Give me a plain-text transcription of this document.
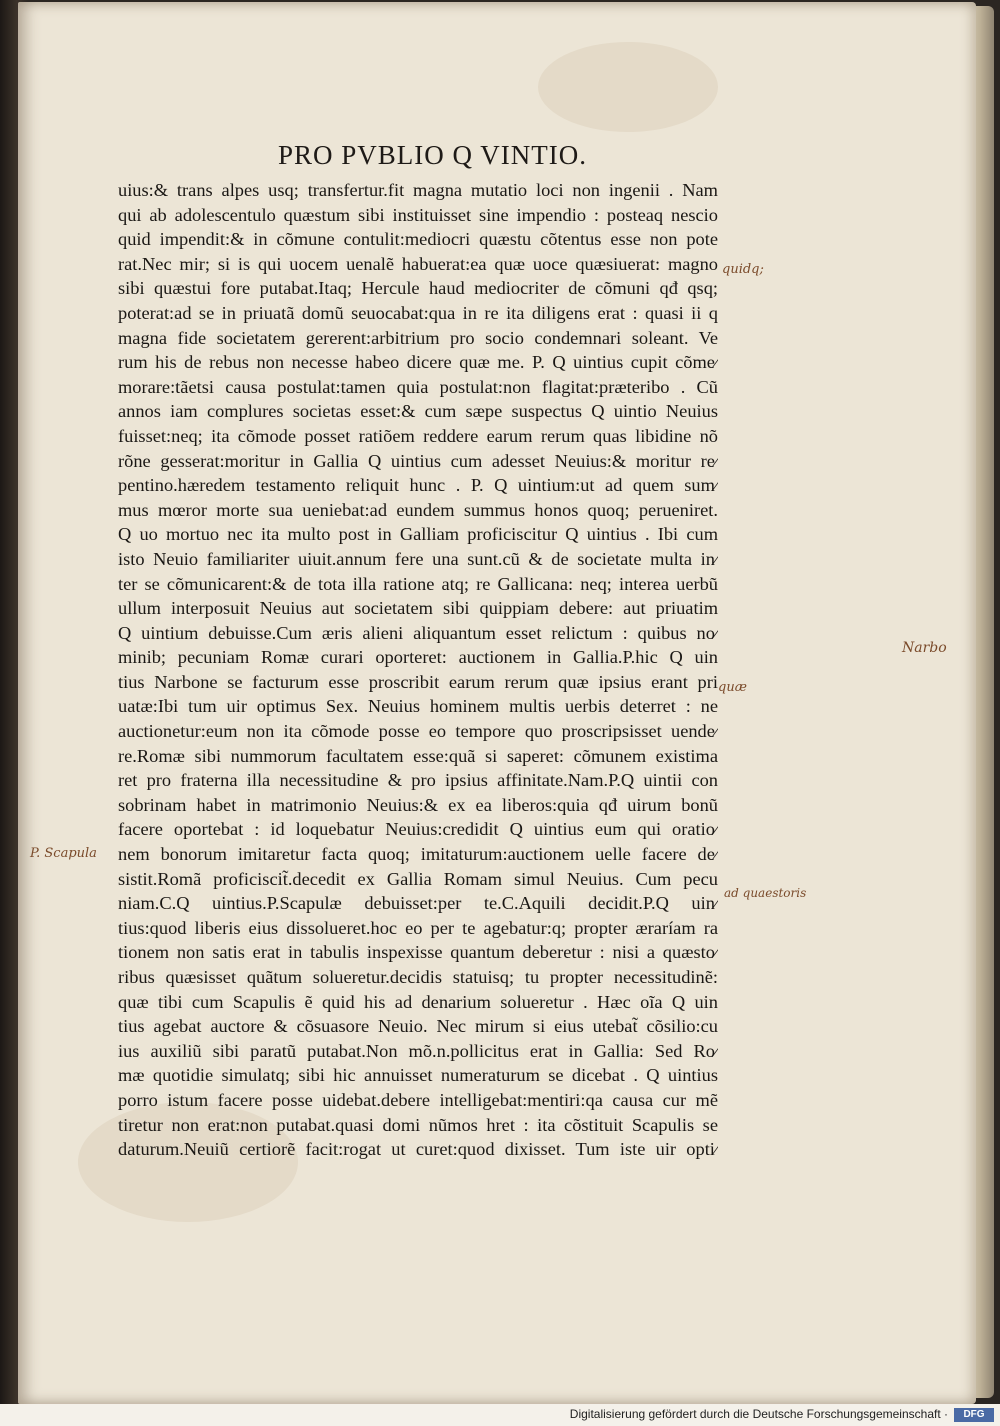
PRO PVBLIO Q VINTIO.
uius:& trans alpes usq; transfertur.fit magna mutatio loci non ingenii . Nam
qui ab adolescentulo quæstum sibi instituisset sine impendio : posteaq nescio
quid impendit:& in cõmune contulit:mediocri quæstu cõtentus esse non pote
rat.Nec mir; si is qui uocem uenalẽ habuerat:ea quæ uoce quæsiuerat: magno
sibi quæstui fore putabat.Itaq; Hercule haud mediocriter de cõmuni qđ qsq;
poterat:ad se in priuatã domũ seuocabat:qua in re ita diligens erat : quasi ii q
magna fide societatem gererent:arbitrium pro socio condemnari soleant. Ve
rum his de rebus non necesse habeo dicere quæ me. P. Q uintius cupit cõme⁄
morare:tãetsi causa postulat:tamen quia postulat:non flagitat:præteribo . Cũ
annos iam complures societas esset:& cum sæpe suspectus Q uintio Neuius
fuisset:neq; ita cõmode posset ratiõem reddere earum rerum quas libidine nõ
rõne gesserat:moritur in Gallia Q uintius cum adesset Neuius:& moritur re⁄
pentino.hæredem testamento reliquit hunc . P. Q uintium:ut ad quem sum⁄
mus mœror morte sua ueniebat:ad eundem summus honos quoq; perueniret.
Q uo mortuo nec ita multo post in Galliam proficiscitur Q uintius . Ibi cum
isto Neuio familiariter uiuit.annum fere una sunt.cũ & de societate multa in⁄
ter se cõmunicarent:& de tota illa ratione atq; re Gallicana: neq; interea uerbũ
ullum interposuit Neuius aut societatem sibi quippiam debere: aut priuatim
Q uintium debuisse.Cum æris alieni aliquantum esset relictum : quibus no⁄
minib; pecuniam Romæ curari oporteret: auctionem in Gallia.P.hic Q uin
tius Narbone se facturum esse proscribit earum rerum quæ ipsius erant pri
uatæ:Ibi tum uir optimus Sex. Neuius hominem multis uerbis deterret : ne
auctionetur:eum non ita cõmode posse eo tempore quo proscripsisset uende⁄
re.Romæ sibi nummorum facultatem esse:quã si saperet: cõmunem existima
ret pro fraterna illa necessitudine & pro ipsius affinitate.Nam.P.Q uintii con
sobrinam habet in matrimonio Neuius:& ex ea liberos:quia qđ uirum bonũ
facere oportebat : id loquebatur Neuius:credidit Q uintius eum qui oratio⁄
nem bonorum imitaretur facta quoq; imitaturum:auctionem uelle facere de⁄
sistit.Romã proficiscit̃.decedit ex Gallia Romam simul Neuius. Cum pecu
niam.C.Q uintius.P.Scapulæ debuisset:per te.C.Aquili decidit.P.Q uin⁄
tius:quod liberis eius dissolueret.hoc eo per te agebatur:q; propter æraríam ra
tionem non satis erat in tabulis inspexisse quantum deberetur : nisi a quæsto⁄
ribus quæsisset quãtum solueretur.decidis statuisq; tu propter necessitudinẽ:
quæ tibi cum Scapulis ẽ quid his ad denarium solueretur . Hæc oĩa Q uin
tius agebat auctore & cõsuasore Neuio. Nec mirum si eius utebat̃ cõsilio:cu
ius auxiliũ sibi paratũ putabat.Non mõ.n.pollicitus erat in Gallia: Sed Ro⁄
mæ quotidie simulatq; sibi hic annuisset numeraturum se dicebat . Q uintius
porro istum facere posse uidebat.debere intelligebat:mentiri:qa causa cur mẽ
tiretur non erat:non putabat.quasi domi nũmos hret : ita cõstituit Scapulis se
daturum.Neuiũ certiorẽ facit:rogat ut curet:quod dixisset. Tum iste uir opti⁄
quidq;
Narbo
quæ
P. Scapula
ad quaestoris
Digitalisierung gefördert durch die Deutsche Forschungsgemeinschaft ·	DFG
